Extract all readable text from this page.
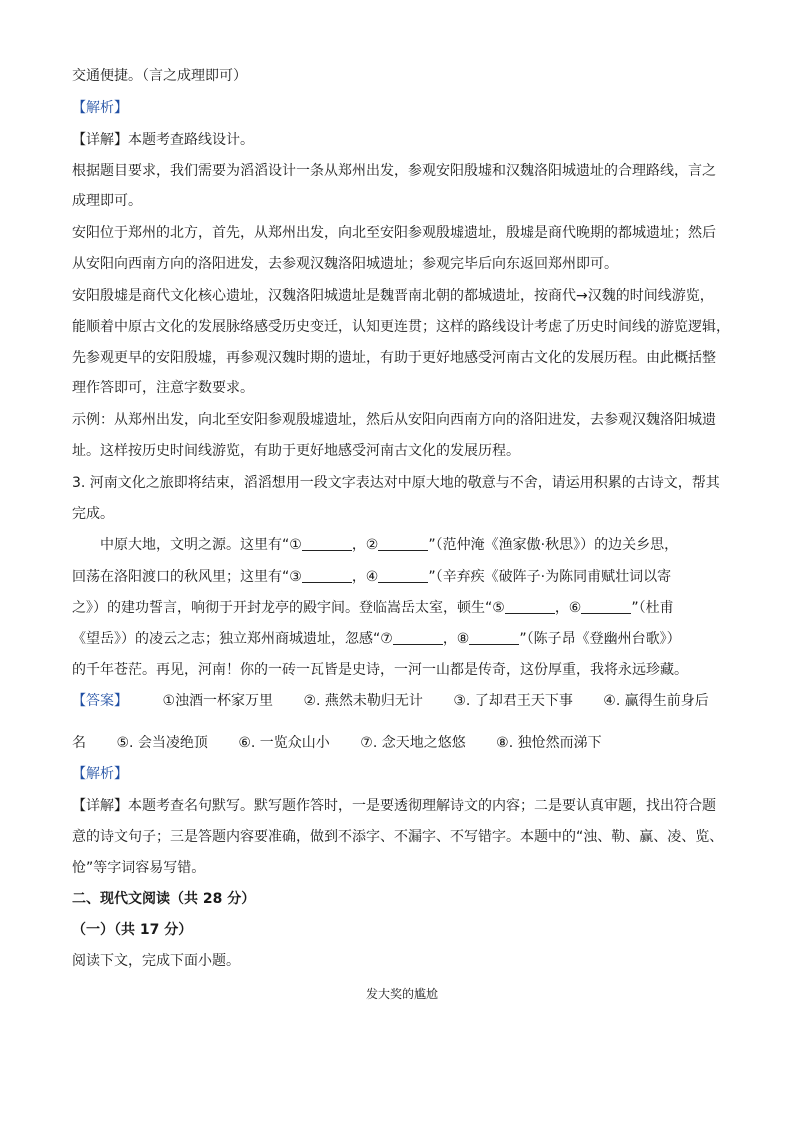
交通便捷。（言之成理即可）
【解析】
【详解】本题考查路线设计。
根据题目要求，我们需要为滔滔设计一条从郑州出发，参观安阳殷墟和汉魏洛阳城遗址的合理路线，言之
成理即可。
安阳位于郑州的北方，首先，从郑州出发，向北至安阳参观殷墟遗址，殷墟是商代晚期的都城遗址；然后
从安阳向西南方向的洛阳进发，去参观汉魏洛阳城遗址；参观完毕后向东返回郑州即可。
安阳殷墟是商代文化核心遗址，汉魏洛阳城遗址是魏晋南北朝的都城遗址，按商代→汉魏的时间线游览，
能顺着中原古文化的发展脉络感受历史变迁，认知更连贯；这样的路线设计考虑了历史时间线的游览逻辑，
先参观更早的安阳殷墟，再参观汉魏时期的遗址，有助于更好地感受河南古文化的发展历程。由此概括整
理作答即可，注意字数要求。
示例：从郑州出发，向北至安阳参观殷墟遗址，然后从安阳向西南方向的洛阳进发，去参观汉魏洛阳城遗
址。这样按历史时间线游览，有助于更好地感受河南古文化的发展历程。
3. 河南文化之旅即将结束，滔滔想用一段文字表达对中原大地的敬意与不舍，请运用积累的古诗文，帮其
完成。
中原大地，文明之源。这里有“①	，②	”（范仲淹《渔家傲·秋思》）的边关乡思，
回荡在洛阳渡口的秋风里；这里有“③	，④	”（辛弃疾《破阵子·为陈同甫赋壮词以寄
之》）的建功誓言，响彻于开封龙亭的殿宇间。登临嵩岳太室，顿生“⑤	，⑥	”（杜甫
《望岳》）的凌云之志；独立郑州商城遗址，忽感“⑦	，⑧	”（陈子昂《登幽州台歌》）
的千年苍茫。再见，河南！你的一砖一瓦皆是史诗，一河一山都是传奇，这份厚重，我将永远珍藏。
【答案】 ①浊酒一杯家万里 ②. 燕然未勒归无计 ③. 了却君王天下事 ④. 赢得生前身后
名 ⑤. 会当凌绝顶 ⑥. 一览众山小 ⑦. 念天地之悠悠 ⑧. 独怆然而涕下
【解析】
【详解】本题考查名句默写。默写题作答时，一是要透彻理解诗文的内容；二是要认真审题，找出符合题
意的诗文句子；三是答题内容要准确，做到不添字、不漏字、不写错字。本题中的“浊、勒、赢、凌、览、
怆”等字词容易写错。
二、现代文阅读（共 28 分）
（一）（共 17 分）
阅读下文，完成下面小题。
发大奖的尴尬
